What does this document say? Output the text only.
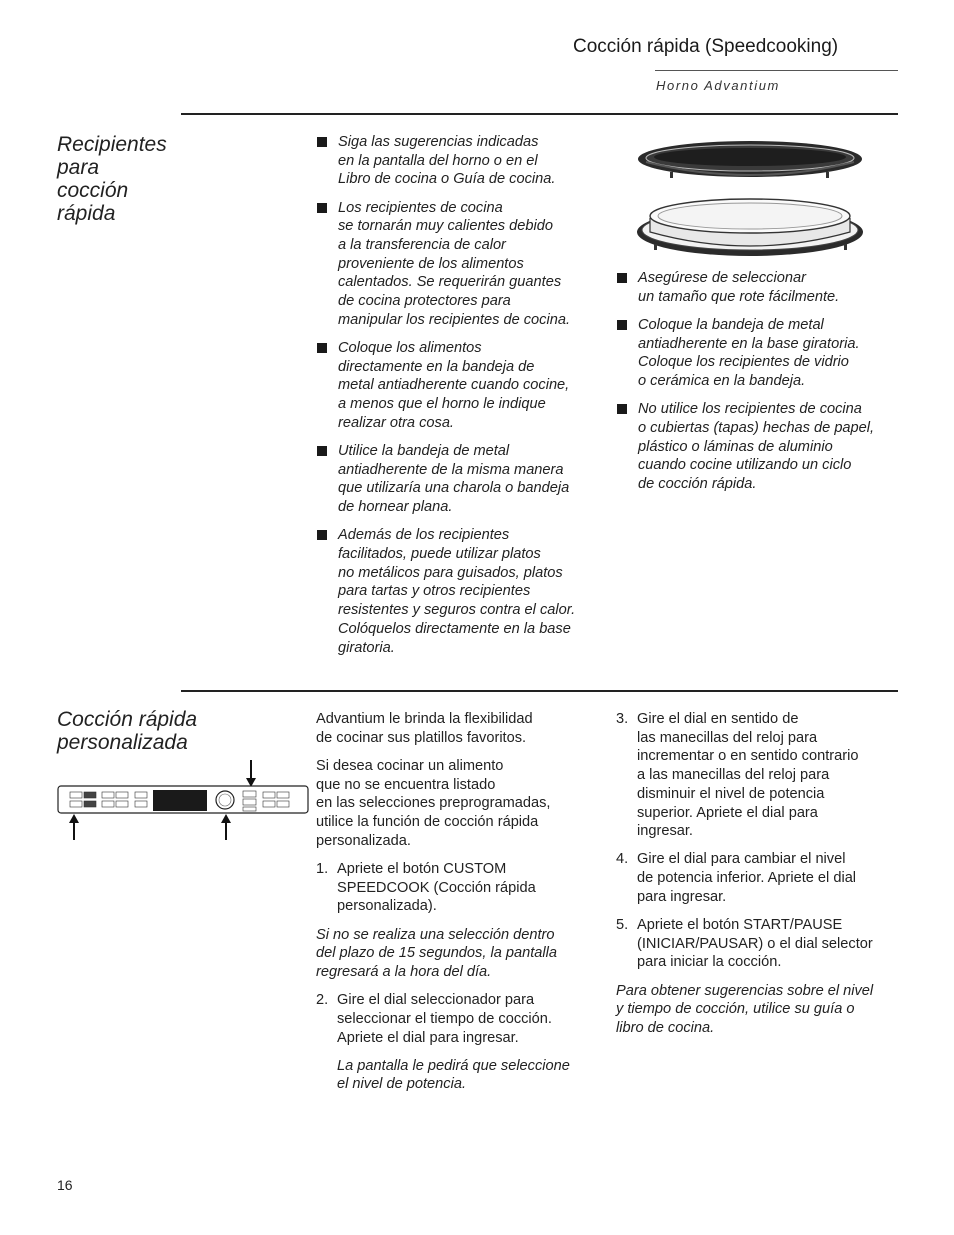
Cocción rápida (Speedcooking)
Horno Advantium
Recipientes
para
cocción
rápida
Siga las sugerencias indicadas
en la pantalla del horno o en el
Libro de cocina o Guía de cocina.
Los recipientes de cocina
se tornarán muy calientes debido
a la transferencia de calor
proveniente de los alimentos
calentados. Se requerirán guantes
de cocina protectores para
manipular los recipientes de cocina.
Coloque los alimentos
directamente en la bandeja de
metal antiadherente cuando cocine,
a menos que el horno le indique
realizar otra cosa.
Utilice la bandeja de metal
antiadherente de la misma manera
que utilizaría una charola o bandeja
de hornear plana.
Además de los recipientes
facilitados, puede utilizar platos
no metálicos para guisados, platos
para tartas y otros recipientes
resistentes y seguros contra el calor.
Colóquelos directamente en la base
giratoria.
Asegúrese de seleccionar
un tamaño que rote fácilmente.
Coloque la bandeja de metal
antiadherente en la base giratoria.
Coloque los recipientes de vidrio
o cerámica en la bandeja.
No utilice los recipientes de cocina
o cubiertas (tapas) hechas de papel,
plástico o láminas de aluminio
cuando cocine utilizando un ciclo
de cocción rápida.
Cocción rápida
personalizada

Advantium le brinda la flexibilidad
de cocinar sus platillos favoritos.

Si desea cocinar un alimento
que no se encuentra listado
en las selecciones preprogramadas,
utilice la función de cocción rápida
personalizada.

1. Apriete el botón CUSTOM
SPEEDCOOK (Cocción rápida
personalizada).

Si no se realiza una selección dentro
del plazo de 15 segundos, la pantalla
regresará a la hora del día.

2. Gire el dial seleccionador para
seleccionar el tiempo de cocción.
Apriete el dial para ingresar.
La pantalla le pedirá que seleccione
el nivel de potencia.
3. Gire el dial en sentido de
las manecillas del reloj para
incrementar o en sentido contrario
a las manecillas del reloj para
disminuir el nivel de potencia
superior. Apriete el dial para
ingresar.
4. Gire el dial para cambiar el nivel
de potencia inferior. Apriete el dial
para ingresar.
5. Apriete el botón START/PAUSE
(INICIAR/PAUSAR) o el dial selector
para iniciar la cocción.

Para obtener sugerencias sobre el nivel
y tiempo de cocción, utilice su guía o
libro de cocina.

16
